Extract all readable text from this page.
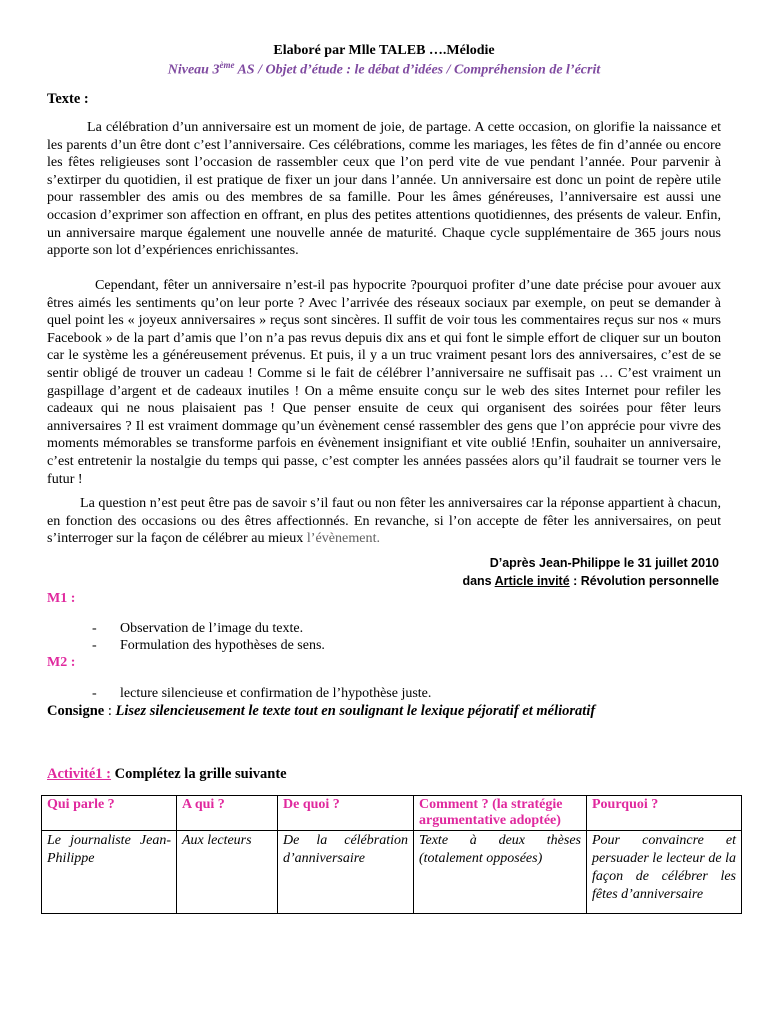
Elaboré par Mlle TALEB ….Mélodie
Niveau 3ème AS / Objet d’étude : le débat d’idées / Compréhension de l’écrit
Texte :

La célébration d’un anniversaire est un moment de joie, de partage. A cette occasion, on glorifie la naissance et les parents d’un être dont c’est l’anniversaire. Ces célébrations, comme les mariages, les fêtes de fin d’année ou encore les fêtes religieuses sont l’occasion de rassembler ceux que l’on perd vite de vue pendant l’année. Pour parvenir à s’extirper du quotidien, il est pratique de fixer un jour dans l’année. Un anniversaire est donc un point de repère utile pour rassembler des amis ou des membres de sa famille. Pour les âmes généreuses, l’anniversaire est aussi une occasion d’exprimer son affection en offrant, en plus des petites attentions quotidiennes, des présents de valeur. Enfin, un anniversaire marque également une nouvelle année de maturité. Chaque cycle supplémentaire de 365 jours nous apporte son lot d’expériences enrichissantes.

Cependant, fêter un anniversaire n’est-il pas hypocrite ?pourquoi profiter d’une date précise pour avouer aux êtres aimés les sentiments qu’on leur porte ? Avec l’arrivée des réseaux sociaux par exemple, on peut se demander à quel point les « joyeux anniversaires » reçus sont sincères. Il suffit de voir tous les commentaires reçus sur nos « murs Facebook » de la part d’amis que l’on n’a pas revus depuis dix ans et qui font le simple effort de cliquer sur un bouton car le système les a généreusement prévenus. Et puis, il y a un truc vraiment pesant lors des anniversaires, c’est de se sentir obligé de trouver un cadeau ! Comme si le fait de célébrer l’anniversaire ne suffisait pas … C’est vraiment un gaspillage d’argent et de cadeaux inutiles ! On a même ensuite conçu sur le web des sites Internet pour refiler les cadeaux qui ne nous plaisaient pas ! Que penser ensuite de ceux qui organisent des soirées pour fêter leurs anniversaires ? Il est vraiment dommage qu’un évènement censé rassembler des gens que l’on apprécie pour vivre des moments mémorables se transforme parfois en évènement insignifiant et vite oublié !Enfin, souhaiter un anniversaire, c’est entretenir la nostalgie du temps qui passe, c’est compter les années passées alors qu’il faudrait se tourner vers le futur !

La question n’est peut être pas de savoir s’il faut ou non fêter les anniversaires car la réponse appartient à chacun, en fonction des occasions ou des êtres affectionnés. En revanche, si l’on accepte de fêter les anniversaires, on peut s’interroger sur la façon de célébrer au mieux l’évènement.

D’après Jean-Philippe le 31 juillet 2010
dans Article invité : Révolution personnelle
M1 :
- Observation de l’image du texte.
- Formulation des hypothèses de sens.
M2 :
- lecture silencieuse et confirmation de l’hypothèse juste.
Consigne : Lisez silencieusement le texte tout en soulignant le lexique péjoratif et mélioratif
Activité1 : Complétez la grille suivante
Qui parle ?	A qui ?	De quoi ?	Comment ? (la stratégie argumentative adoptée)	Pourquoi ?
Le journaliste Jean-Philippe	Aux lecteurs	De la célébration d’anniversaire	Texte à deux thèses (totalement opposées)	Pour convaincre et persuader le lecteur de la façon de célébrer les fêtes d’anniversaire
